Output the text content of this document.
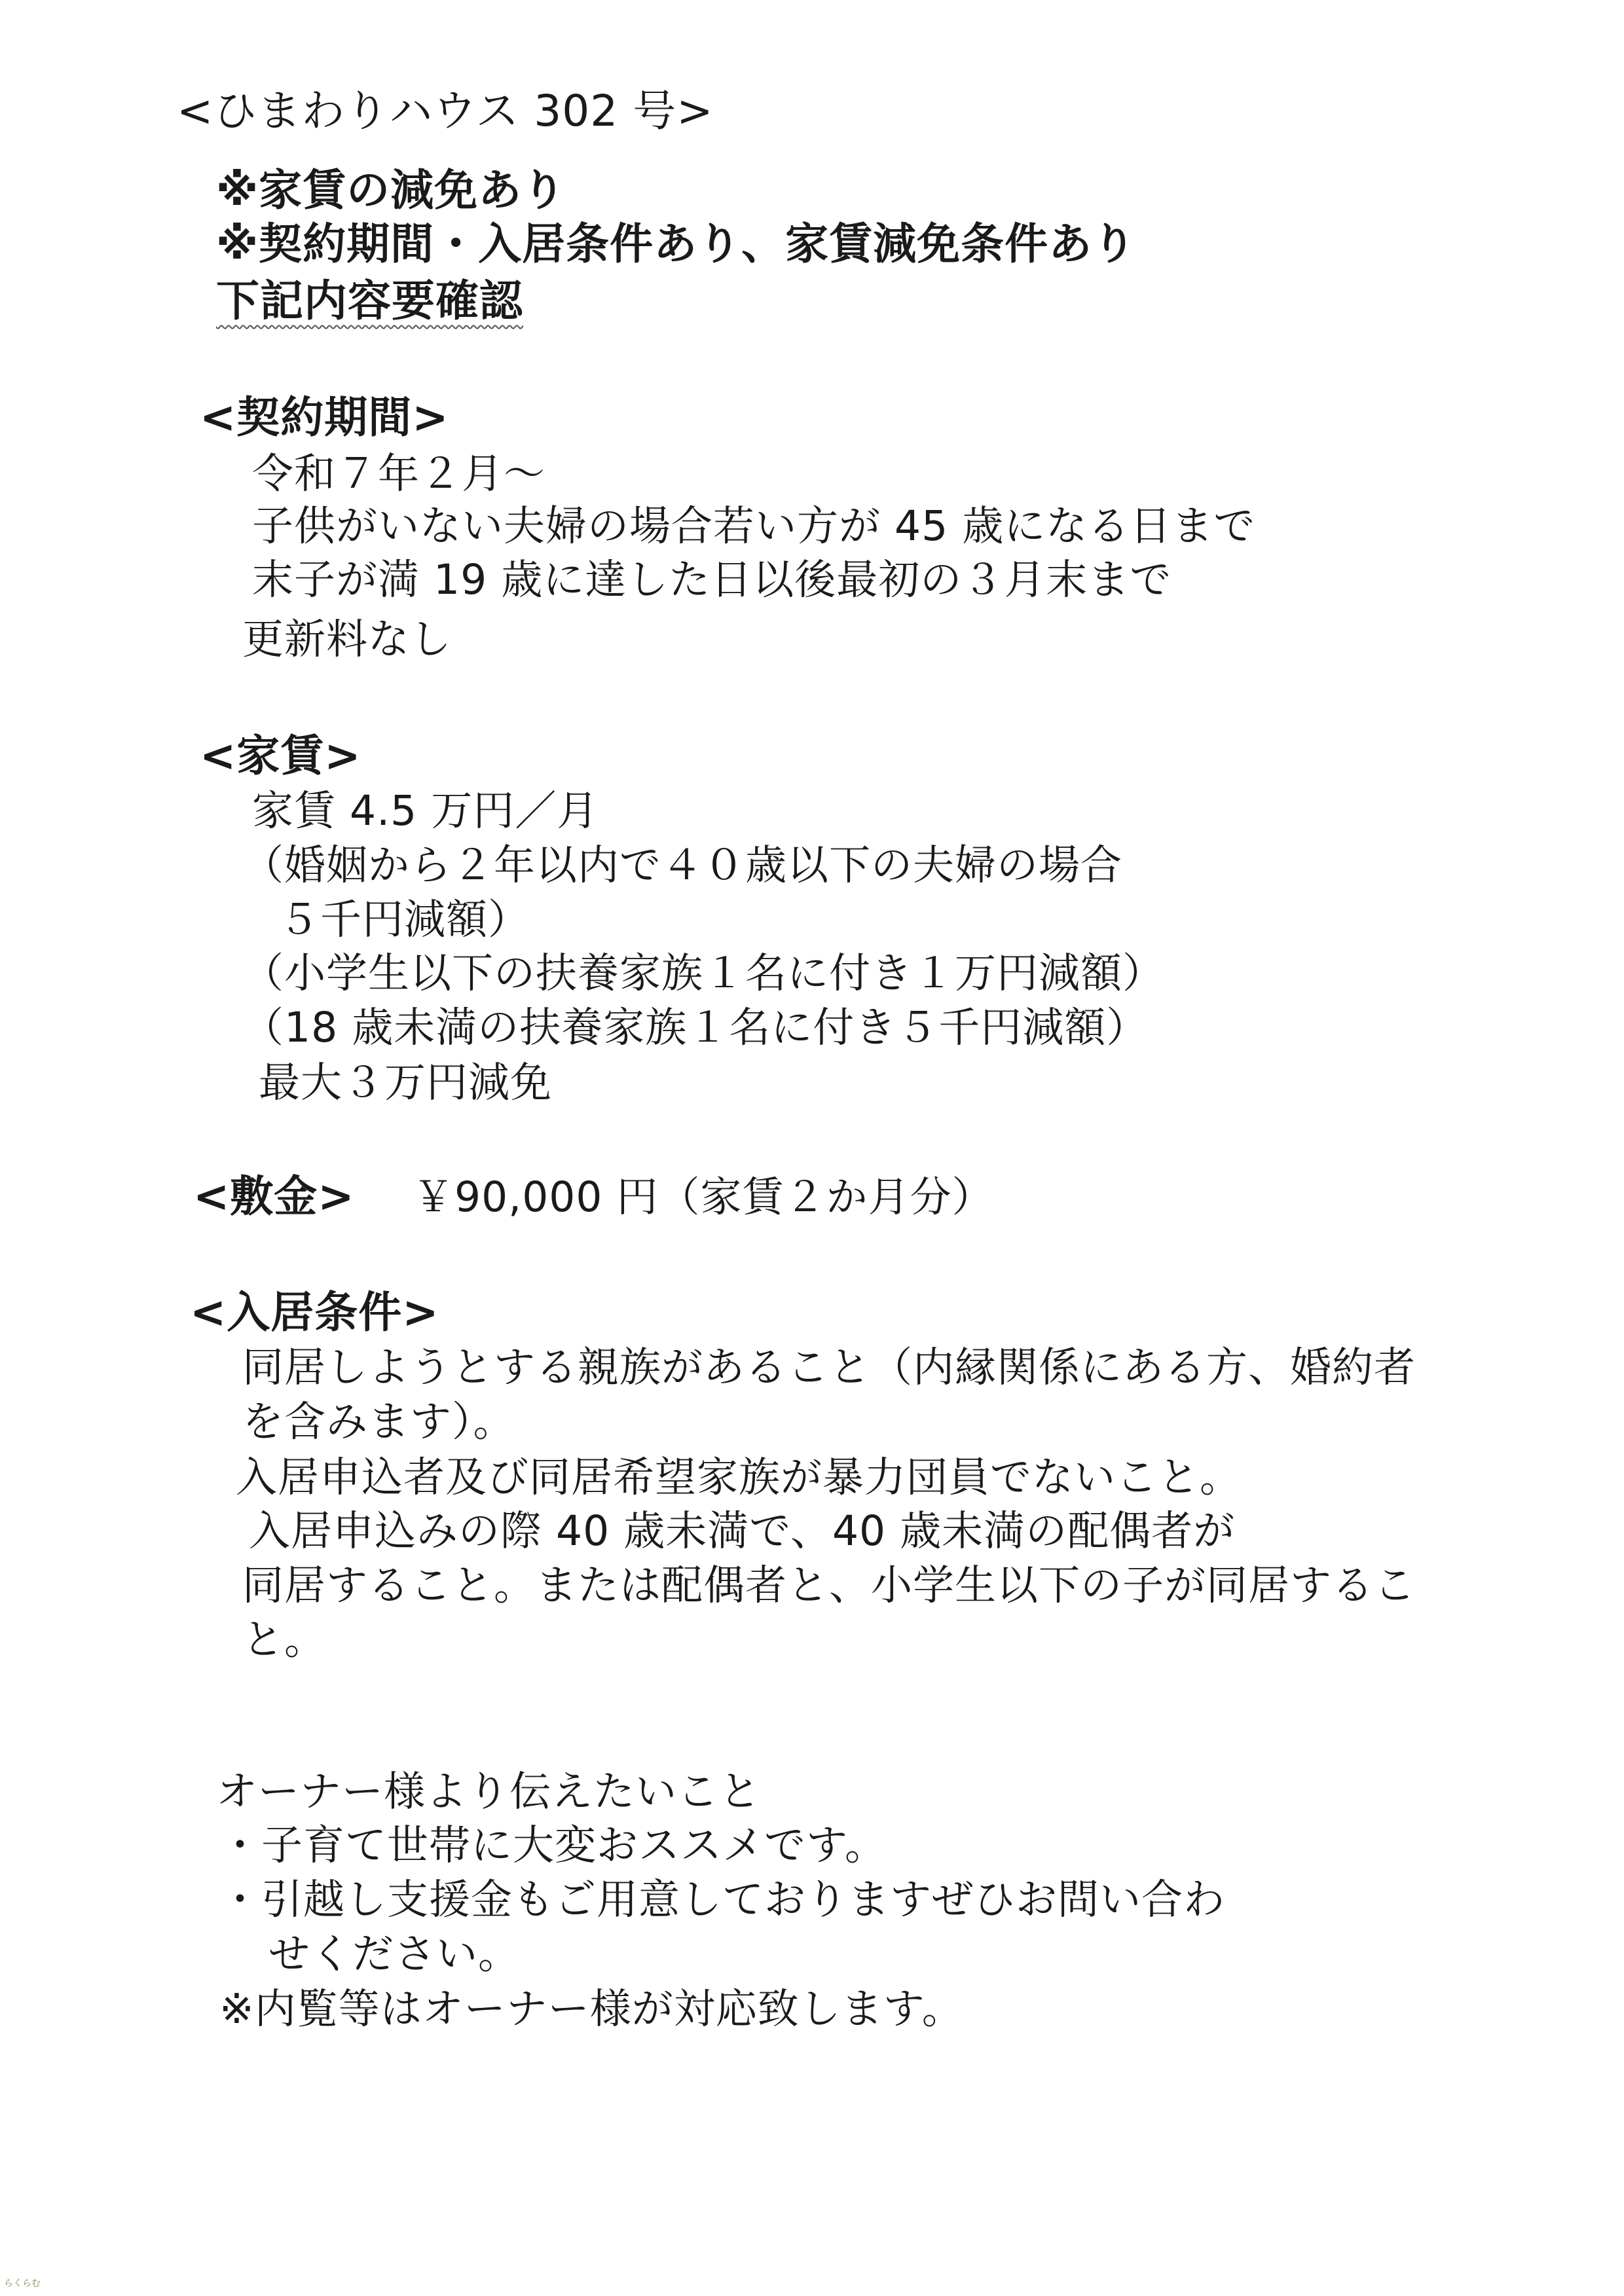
<ひまわりハウス 302 号>
※家賃の減免あり
※契約期間・入居条件あり、家賃減免条件あり
下記内容要確認
<契約期間>
令和７年２月～
子供がいない夫婦の場合若い方が 45 歳になる日まで
末子が満 19 歳に達した日以後最初の３月末まで
更新料なし
<家賃>
家賃 4.5 万円／月
（婚姻から２年以内で４０歳以下の夫婦の場合
５千円減額）
（小学生以下の扶養家族１名に付き１万円減額）
（18 歳未満の扶養家族１名に付き５千円減額）
最大３万円減免
<敷金> ￥90,000 円（家賃２か月分）
<入居条件>
同居しようとする親族があること（内縁関係にある方、婚約者
を含みます）。
入居申込者及び同居希望家族が暴力団員でないこと。
入居申込みの際 40 歳未満で、40 歳未満の配偶者が
同居すること。または配偶者と、小学生以下の子が同居するこ
と。
オーナー様より伝えたいこと
・子育て世帯に大変おススメです。
・引越し支援金もご用意しておりますぜひお問い合わ
せください。
※内覧等はオーナー様が対応致します。
らくらむ
